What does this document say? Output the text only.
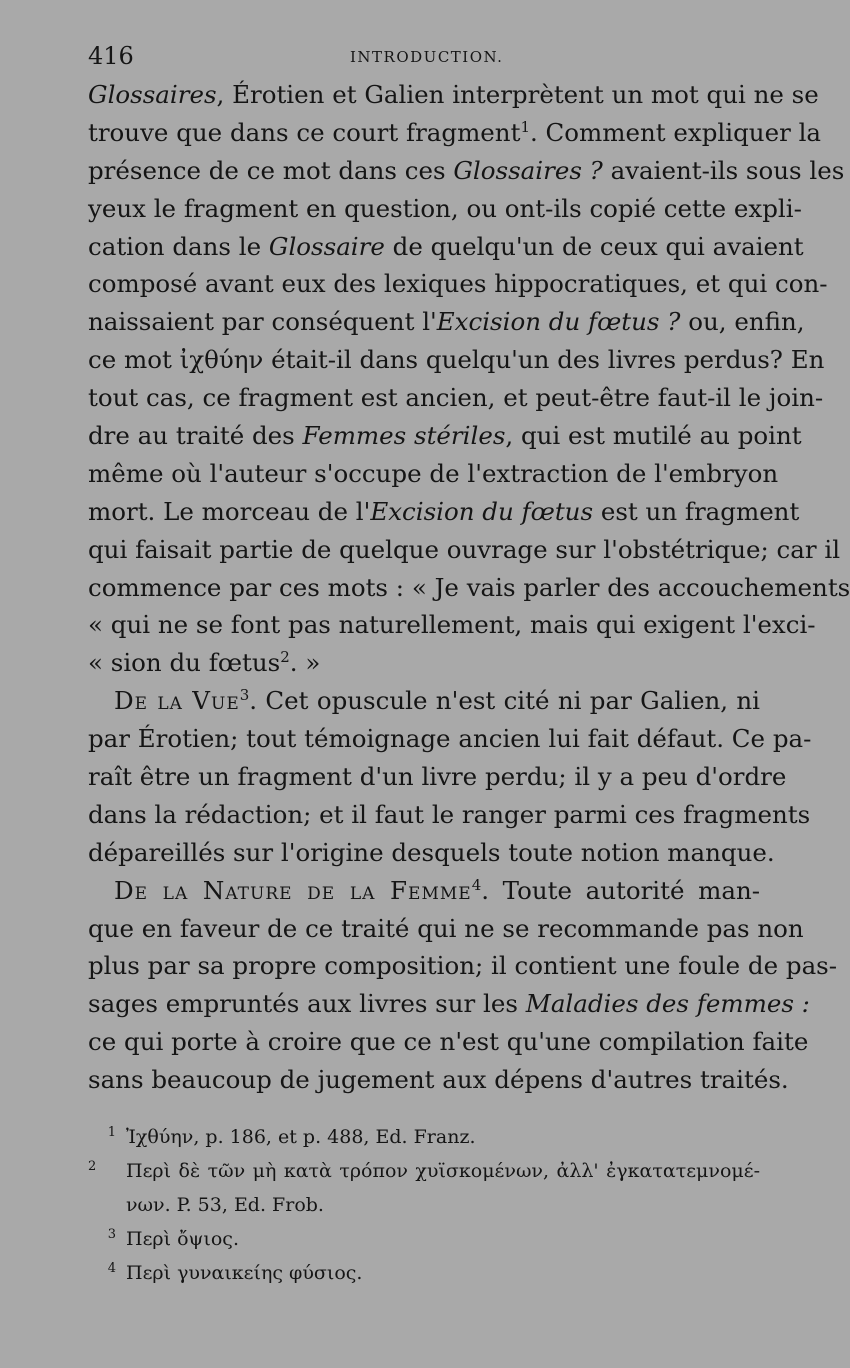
416	INTRODUCTION.
Glossaires, Érotien et Galien interprètent un mot qui ne se
trouve que dans ce court fragment$^1$. Comment expliquer la
présence de ce mot dans ces Glossaires ? avaient-ils sous les
yeux le fragment en question, ou ont-ils copié cette expli-
cation dans le Glossaire de quelqu'un de ceux qui avaient
composé avant eux des lexiques hippocratiques, et qui con-
naissaient par conséquent l'Excision du fœtus ? ou, enfin,
ce mot ἰχθύην était-il dans quelqu'un des livres perdus? En
tout cas, ce fragment est ancien, et peut-être faut-il le join-
dre au traité des Femmes stériles, qui est mutilé au point
même où l'auteur s'occupe de l'extraction de l'embryon
mort. Le morceau de l'Excision du fœtus est un fragment
qui faisait partie de quelque ouvrage sur l'obstétrique; car il
commence par ces mots : « Je vais parler des accouchements
« qui ne se font pas naturellement, mais qui exigent l'exci-
« sion du fœtus$^2$. »
De la Vue$^3$. Cet opuscule n'est cité ni par Galien, ni
par Érotien; tout témoignage ancien lui fait défaut. Ce pa-
raît être un fragment d'un livre perdu; il y a peu d'ordre
dans la rédaction; et il faut le ranger parmi ces fragments
dépareillés sur l'origine desquels toute notion manque.
De la Nature de la Femme$^4$. Toute autorité man-
que en faveur de ce traité qui ne se recommande pas non
plus par sa propre composition; il contient une foule de pas-
sages empruntés aux livres sur les Maladies des femmes :
ce qui porte à croire que ce n'est qu'une compilation faite
sans beaucoup de jugement aux dépens d'autres traités.
1 Ἰχθύην, p. 186, et p. 488, Ed. Franz.
2 Περὶ δὲ τῶν μὴ κατὰ τρόπον χυϊσκομένων, ἀλλ' ἐγκατατεμνομέ-
νων. P. 53, Ed. Frob.
3 Περὶ ὄψιος.
4 Περὶ γυναικείης φύσιος.
